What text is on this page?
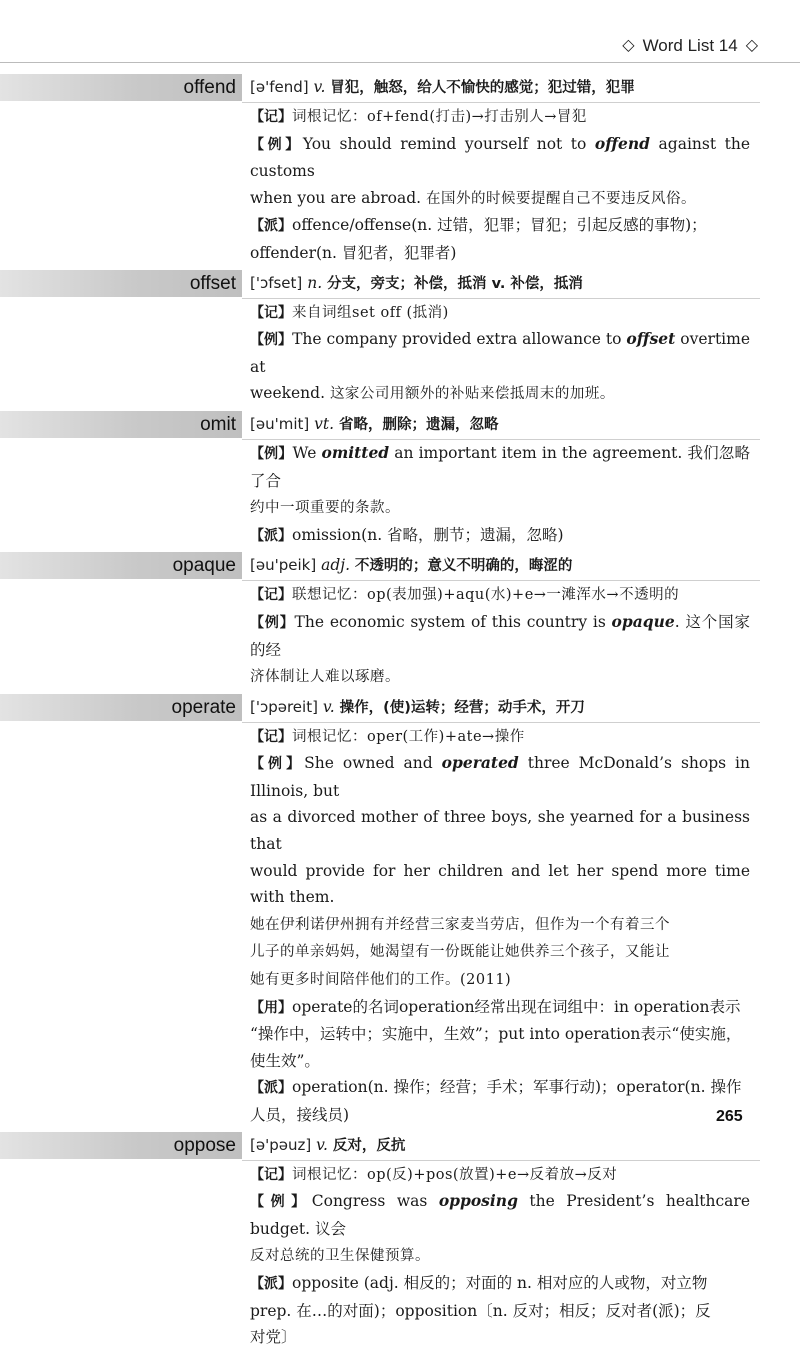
◇ Word List 14 ◇
offend [ə'fend] v. 冒犯，触怒，给人不愉快的感觉；犯过错，犯罪
【记】词根记忆：of+fend(打击)→打击别人→冒犯
【例】You should remind yourself not to offend against the customs
when you are abroad. 在国外的时候要提醒自己不要违反风俗。
【派】offence/offense(n. 过错，犯罪；冒犯；引起反感的事物)；
offender(n. 冒犯者，犯罪者)
offset ['ɔfset] n. 分支，旁支；补偿，抵消 v. 补偿，抵消
【记】来自词组set off (抵消)
【例】The company provided extra allowance to offset overtime at
weekend. 这家公司用额外的补贴来偿抵周末的加班。
omit [əu'mit] vt. 省略，删除；遗漏，忽略
【例】We omitted an important item in the agreement. 我们忽略了合
约中一项重要的条款。
【派】omission(n. 省略，删节；遗漏，忽略)
opaque [əu'peik] adj. 不透明的；意义不明确的，晦涩的
【记】联想记忆：op(表加强)+aqu(水)+e→一滩浑水→不透明的
【例】The economic system of this country is opaque. 这个国家的经
济体制让人难以琢磨。
operate ['ɔpəreit] v. 操作，(使)运转；经营；动手术，开刀
【记】词根记忆：oper(工作)+ate→操作
【例】She owned and operated three McDonald’s shops in Illinois, but
as a divorced mother of three boys, she yearned for a business that
would provide for her children and let her spend more time with them.
她在伊利诺伊州拥有并经营三家麦当劳店，但作为一个有着三个
儿子的单亲妈妈，她渴望有一份既能让她供养三个孩子，又能让
她有更多时间陪伴他们的工作。(2011)
【用】operate的名词operation经常出现在词组中：in operation表示
“操作中，运转中；实施中，生效”；put into operation表示“使实施，
使生效”。
【派】operation(n. 操作；经营；手术；军事行动)；operator(n. 操作
人员，接线员)
oppose [ə'pəuz] v. 反对，反抗
【记】词根记忆：op(反)+pos(放置)+e→反着放→反对
【例】Congress was opposing the President’s healthcare budget. 议会
反对总统的卫生保健预算。
【派】opposite (adj. 相反的；对面的 n. 相对应的人或物，对立物
prep. 在…的对面)；opposition〔n. 反对；相反；反对者(派)；反
对党〕
265
